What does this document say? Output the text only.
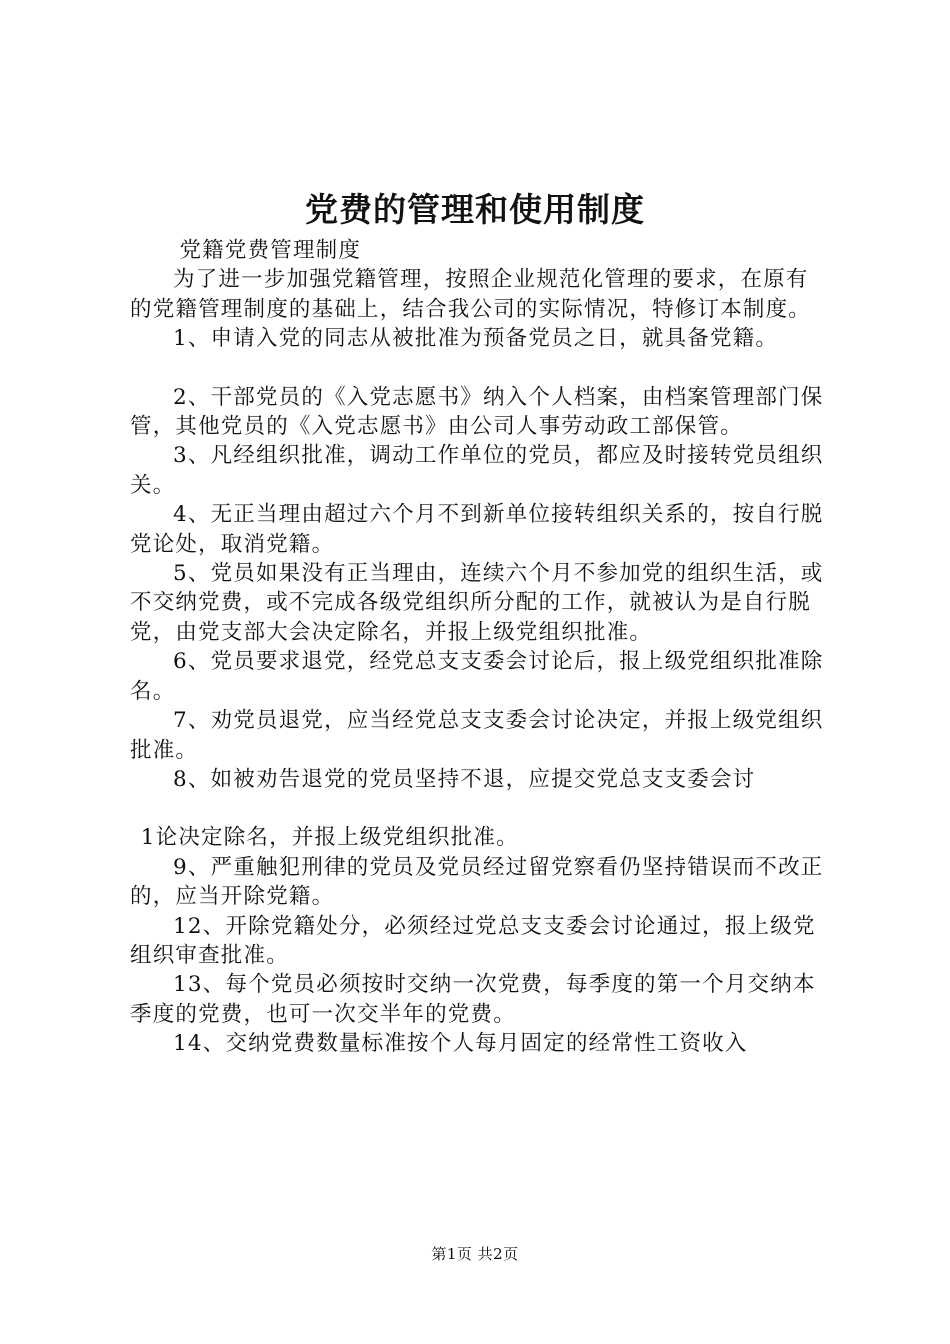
党费的管理和使用制度

党籍党费管理制度

为了进一步加强党籍管理，按照企业规范化管理的要求，在原有的党籍管理制度的基础上，结合我公司的实际情况，特修订本制度。

1、申请入党的同志从被批准为预备党员之日，就具备党籍。

2、干部党员的《入党志愿书》纳入个人档案，由档案管理部门保管，其他党员的《入党志愿书》由公司人事劳动政工部保管。

3、凡经组织批准，调动工作单位的党员，都应及时接转党员组织关。

4、无正当理由超过六个月不到新单位接转组织关系的，按自行脱党论处，取消党籍。

5、党员如果没有正当理由，连续六个月不参加党的组织生活，或不交纳党费，或不完成各级党组织所分配的工作，就被认为是自行脱党，由党支部大会决定除名，并报上级党组织批准。

6、党员要求退党，经党总支支委会讨论后，报上级党组织批准除名。

7、劝党员退党，应当经党总支支委会讨论决定，并报上级党组织批准。

8、如被劝告退党的党员坚持不退，应提交党总支支委会讨

1论决定除名，并报上级党组织批准。

9、严重触犯刑律的党员及党员经过留党察看仍坚持错误而不改正的，应当开除党籍。

12、开除党籍处分，必须经过党总支支委会讨论通过，报上级党组织审查批准。

13、每个党员必须按时交纳一次党费，每季度的第一个月交纳本季度的党费，也可一次交半年的党费。

14、交纳党费数量标准按个人每月固定的经常性工资收入

第1页 共2页
